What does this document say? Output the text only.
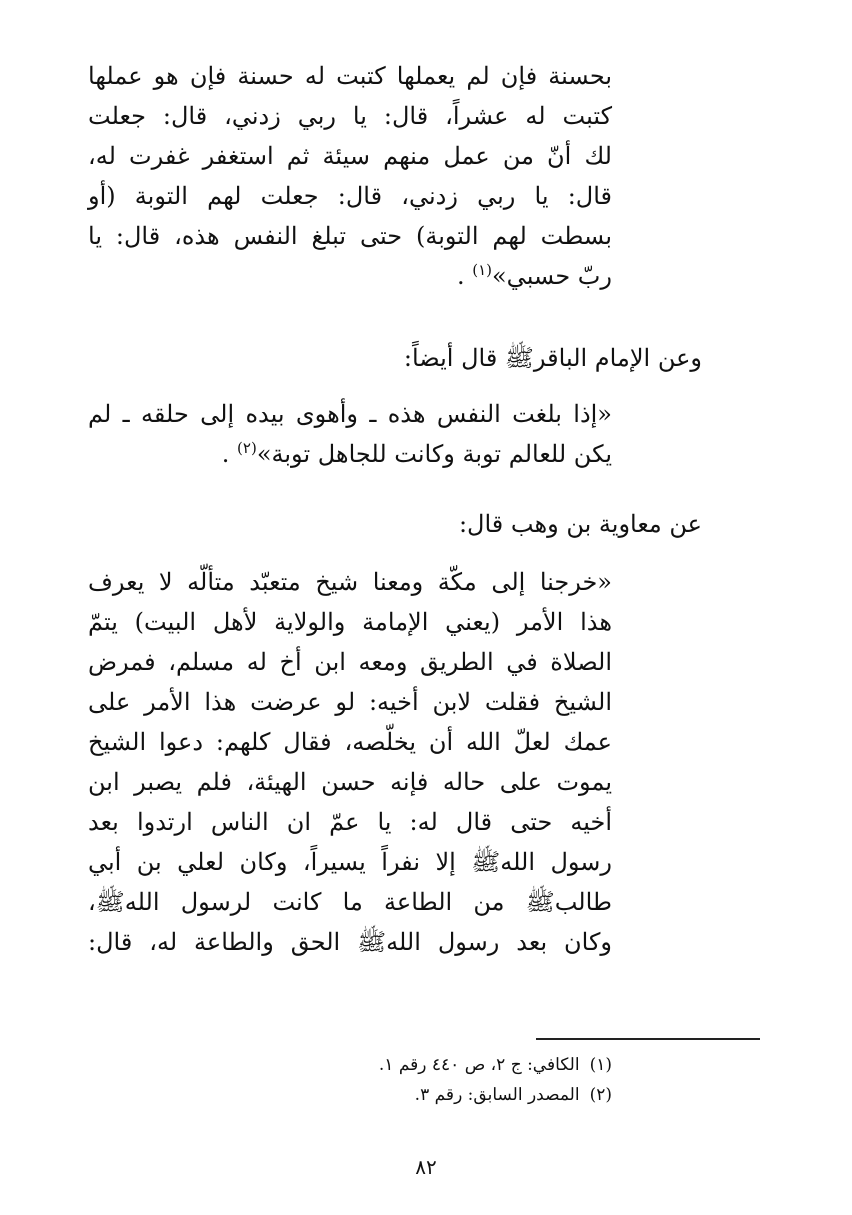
بحسنة فإن لم يعملها كتبت له حسنة فإن هو عملها
كتبت له عشراً، قال: يا ربي زدني، قال: جعلت
لك أنّ من عمل منهم سيئة ثم استغفر غفرت له،
قال: يا ربي زدني، قال: جعلت لهم التوبة (أو
بسطت لهم التوبة) حتى تبلغ النفس هذه، قال: يا
ربّ حسبي»$^{(١)}$ .
وعن الإمام الباقرﷺ قال أيضاً:
«إذا بلغت النفس هذه ـ وأهوى بيده إلى حلقه ـ لم
يكن للعالم توبة وكانت للجاهل توبة»$^{(٢)}$ .
عن معاوية بن وهب قال:
«خرجنا إلى مكّة ومعنا شيخ متعبّد متألّه لا يعرف
هذا الأمر (يعني الإمامة والولاية لأهل البيت) يتمّ
الصلاة في الطريق ومعه ابن أخ له مسلم، فمرض
الشيخ فقلت لابن أخيه: لو عرضت هذا الأمر على
عمك لعلّ الله أن يخلّصه، فقال كلهم: دعوا الشيخ
يموت على حاله فإنه حسن الهيئة، فلم يصبر ابن
أخيه حتى قال له: يا عمّ ان الناس ارتدوا بعد
رسول اللهﷺ إلا نفراً يسيراً، وكان لعلي بن أبي
طالبﷺ من الطاعة ما كانت لرسول اللهﷺ،
وكان بعد رسول اللهﷺ الحق والطاعة له، قال:
(١)الكافي: ج ٢، ص ٤٤٠ رقم ١.
(٢)المصدر السابق: رقم ٣.
٨٢
